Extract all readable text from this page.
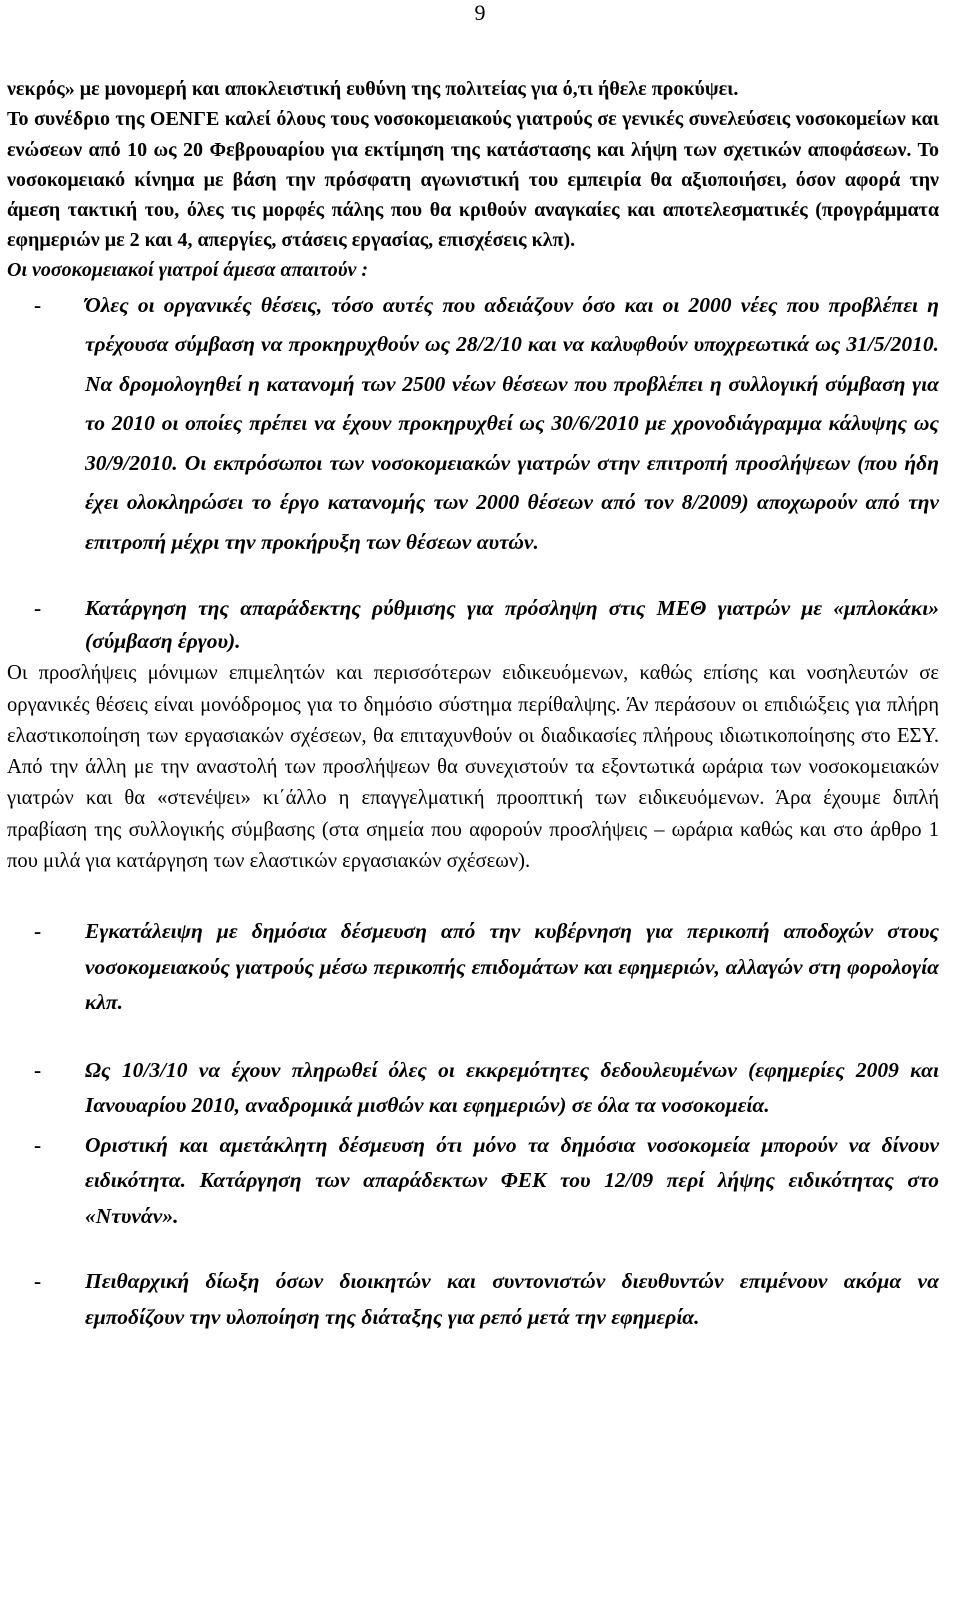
9

νεκρός» με μονομερή και αποκλειστική ευθύνη της πολιτείας για ό,τι ήθελε προκύψει.

Το συνέδριο της ΟΕΝΓΕ καλεί όλους τους νοσοκομειακούς γιατρούς σε γενικές συνελεύσεις νοσοκομείων και ενώσεων από 10 ως 20 Φεβρουαρίου για εκτίμηση της κατάστασης και λήψη των σχετικών αποφάσεων. Το νοσοκομειακό κίνημα με βάση την πρόσφατη αγωνιστική του εμπειρία θα αξιοποιήσει, όσον αφορά την άμεση τακτική του, όλες τις μορφές πάλης που θα κριθούν αναγκαίες και αποτελεσματικές (προγράμματα εφημεριών με 2 και 4, απεργίες, στάσεις εργασίας, επισχέσεις κλπ).

Οι νοσοκομειακοί γιατροί άμεσα απαιτούν :

- Όλες οι οργανικές θέσεις, τόσο αυτές που αδειάζουν όσο και οι 2000 νέες που προβλέπει η τρέχουσα σύμβαση να προκηρυχθούν ως 28/2/10 και να καλυφθούν υποχρεωτικά ως 31/5/2010. Να δρομολογηθεί η κατανομή των 2500 νέων θέσεων που προβλέπει η συλλογική σύμβαση για το 2010 οι οποίες πρέπει να έχουν προκηρυχθεί ως 30/6/2010 με χρονοδιάγραμμα κάλυψης ως 30/9/2010. Οι εκπρόσωποι των νοσοκομειακών γιατρών στην επιτροπή προσλήψεων (που ήδη έχει ολοκληρώσει το έργο κατανομής των 2000 θέσεων από τον 8/2009) αποχωρούν από την επιτροπή μέχρι την προκήρυξη των θέσεων αυτών.
- Κατάργηση της απαράδεκτης ρύθμισης για πρόσληψη στις ΜΕΘ γιατρών με «μπλοκάκι» (σύμβαση έργου).

Οι προσλήψεις μόνιμων επιμελητών και περισσότερων ειδικευόμενων, καθώς επίσης και νοσηλευτών σε οργανικές θέσεις είναι μονόδρομος για το δημόσιο σύστημα περίθαλψης. Άν περάσουν οι επιδιώξεις για πλήρη ελαστικοποίηση των εργασιακών σχέσεων, θα επιταχυνθούν οι διαδικασίες πλήρους ιδιωτικοποίησης στο ΕΣΥ. Από την άλλη με την αναστολή των προσλήψεων θα συνεχιστούν τα εξοντωτικά ωράρια των νοσοκομειακών γιατρών και θα «στενέψει» κι΄άλλο η επαγγελματική προοπτική των ειδικευόμενων. Άρα έχουμε διπλή πραβίαση της συλλογικής σύμβασης (στα σημεία που αφορούν προσλήψεις – ωράρια καθώς και στο άρθρο 1 που μιλά για κατάργηση των ελαστικών εργασιακών σχέσεων).

- Εγκατάλειψη με δημόσια δέσμευση από την κυβέρνηση για περικοπή αποδοχών στους νοσοκομειακούς γιατρούς μέσω περικοπής επιδομάτων και εφημεριών, αλλαγών στη φορολογία κλπ.
- Ως 10/3/10 να έχουν πληρωθεί όλες οι εκκρεμότητες δεδουλευμένων (εφημερίες 2009 και Ιανουαρίου 2010, αναδρομικά μισθών και εφημεριών) σε όλα τα νοσοκομεία.
- Οριστική και αμετάκλητη δέσμευση ότι μόνο τα δημόσια νοσοκομεία μπορούν να δίνουν ειδικότητα. Κατάργηση των απαράδεκτων ΦΕΚ του 12/09 περί λήψης ειδικότητας στο «Ντυνάν».
- Πειθαρχική δίωξη όσων διοικητών και συντονιστών διευθυντών επιμένουν ακόμα να εμποδίζουν την υλοποίηση της διάταξης για ρεπό μετά την εφημερία.
